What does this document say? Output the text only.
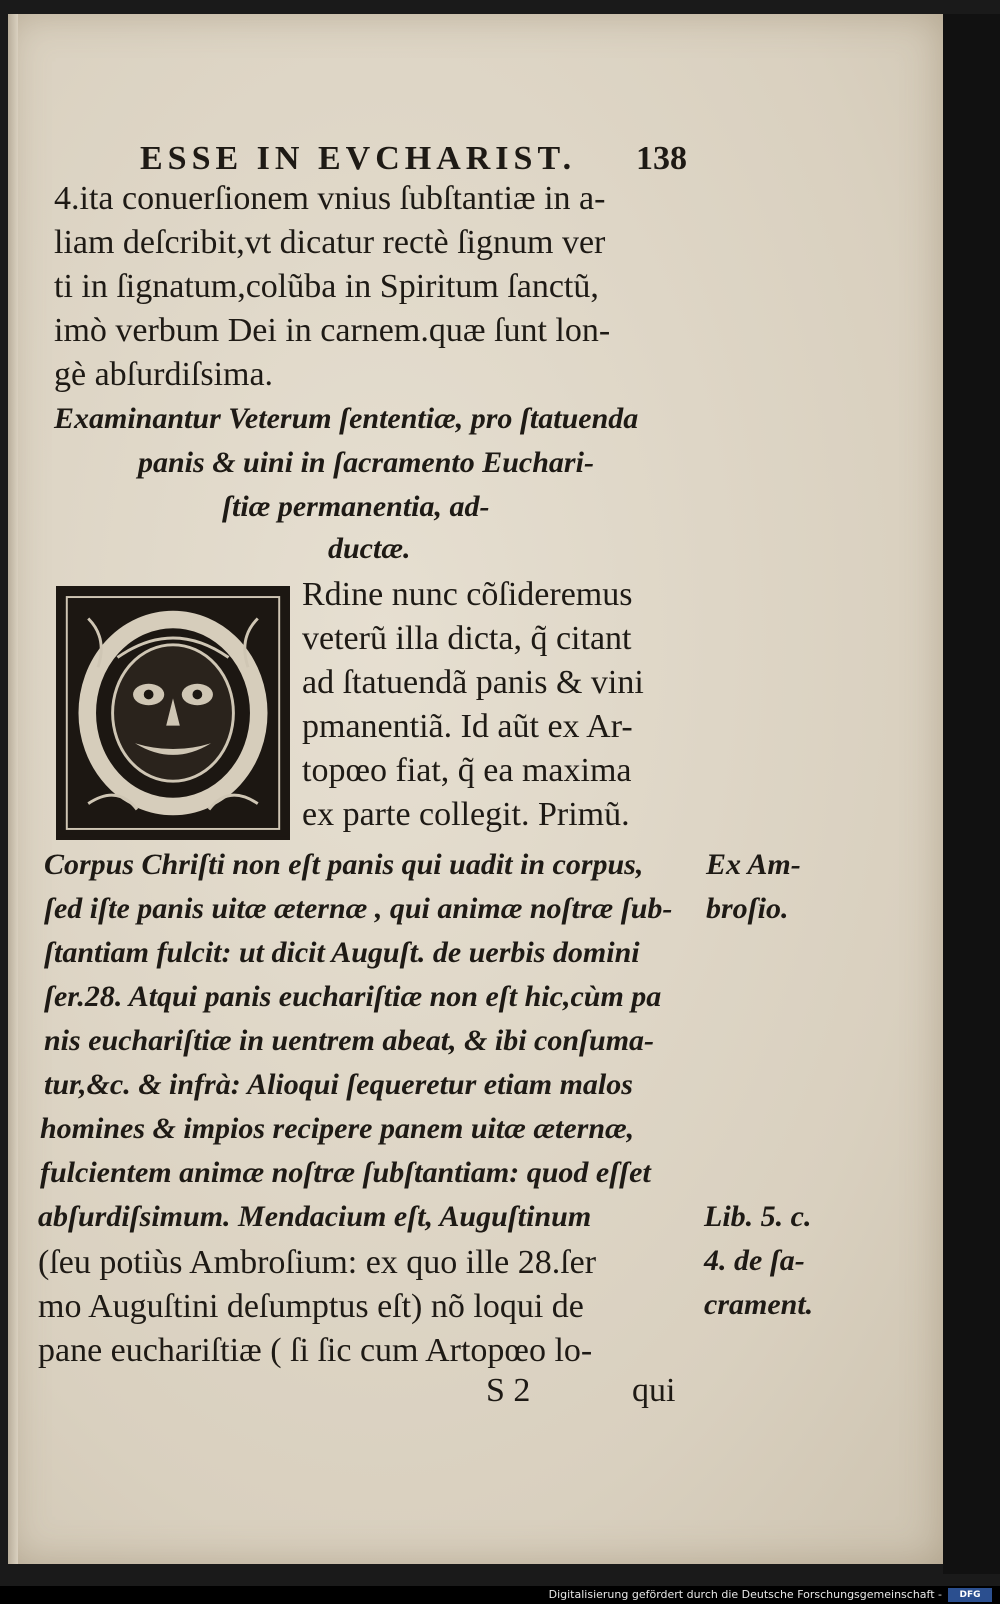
ESSE IN EVCHARIST. 138
4.ita conuerſionem vnius ſubſtantiæ in a-
liam deſcribit,vt dicatur rectè ſignum ver
ti in ſignatum,colũba in Spiritum ſanctũ,
imò verbum Dei in carnem.quæ ſunt lon-
gè abſurdiſsima.
Examinantur Veterum ſententiæ, pro ſtatuenda
panis & uini in ſacramento Euchari-
ſtiæ permanentia, ad-
ductæ.
Rdine nunc cõſideremus
veterũ illa dicta, q̃ citant
ad ſtatuendã panis & vini
pmanentiã. Id aũt ex Ar-
topœo fiat, q̃ ea maxima
ex parte collegit. Primũ.
Corpus Chriſti non eſt panis qui uadit in corpus,
ſed iſte panis uitæ æternæ , qui animæ noſtræ ſub-
ſtantiam fulcit: ut dicit Auguſt. de uerbis domini
ſer.28. Atqui panis euchariſtiæ non eſt hic,cùm pa
nis euchariſtiæ in uentrem abeat, & ibi conſuma-
tur,&c. & infrà: Alioqui ſequeretur etiam malos
homines & impios recipere panem uitæ æternæ,
fulcientem animæ noſtræ ſubſtantiam: quod eſſet
abſurdiſsimum. Mendacium eſt, Auguſtinum
(ſeu potiùs Ambroſium: ex quo ille 28.ſer
mo Auguſtini deſumptus eſt) nõ loqui de
pane euchariſtiæ ( ſi ſic cum Artopœo lo-
Ex Am-
broſio.
Lib. 5. c.
4. de ſa-
crament.
S 2	qui
Digitalisierung gefördert durch die Deutsche Forschungsgemeinschaft -	DFG
